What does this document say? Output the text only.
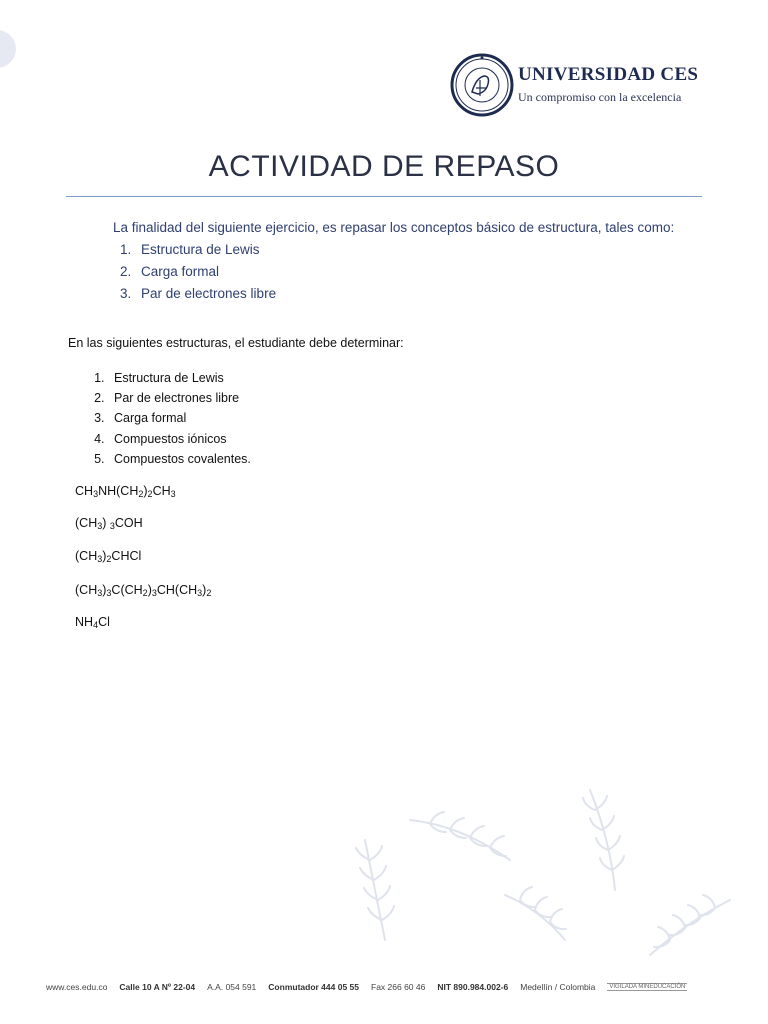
UNIVERSIDAD CES
Un compromiso con la excelencia
ACTIVIDAD DE REPASO
La finalidad del siguiente ejercicio, es repasar los conceptos básico de estructura, tales como:
1. Estructura de Lewis
2. Carga formal
3. Par de electrones libre
En las siguientes estructuras, el estudiante debe determinar:
1. Estructura de Lewis
2. Par de electrones libre
3. Carga formal
4. Compuestos iónicos
5. Compuestos covalentes.
$CH_3NH(CH_2)_2CH_3$
$(CH_3)$ $_3$COH
$(CH_3)_2CHCl$
$(CH_3)_3C(CH_2)_3CH(CH_3)_2$
$NH_4Cl$
www.ces.edu.co Calle 10 A Nº 22-04 A.A. 054 591 Conmutador 444 05 55 Fax 266 60 46 NIT 890.984.002-6 Medellín / Colombia	VIGILADA MINEDUCACIÓN
